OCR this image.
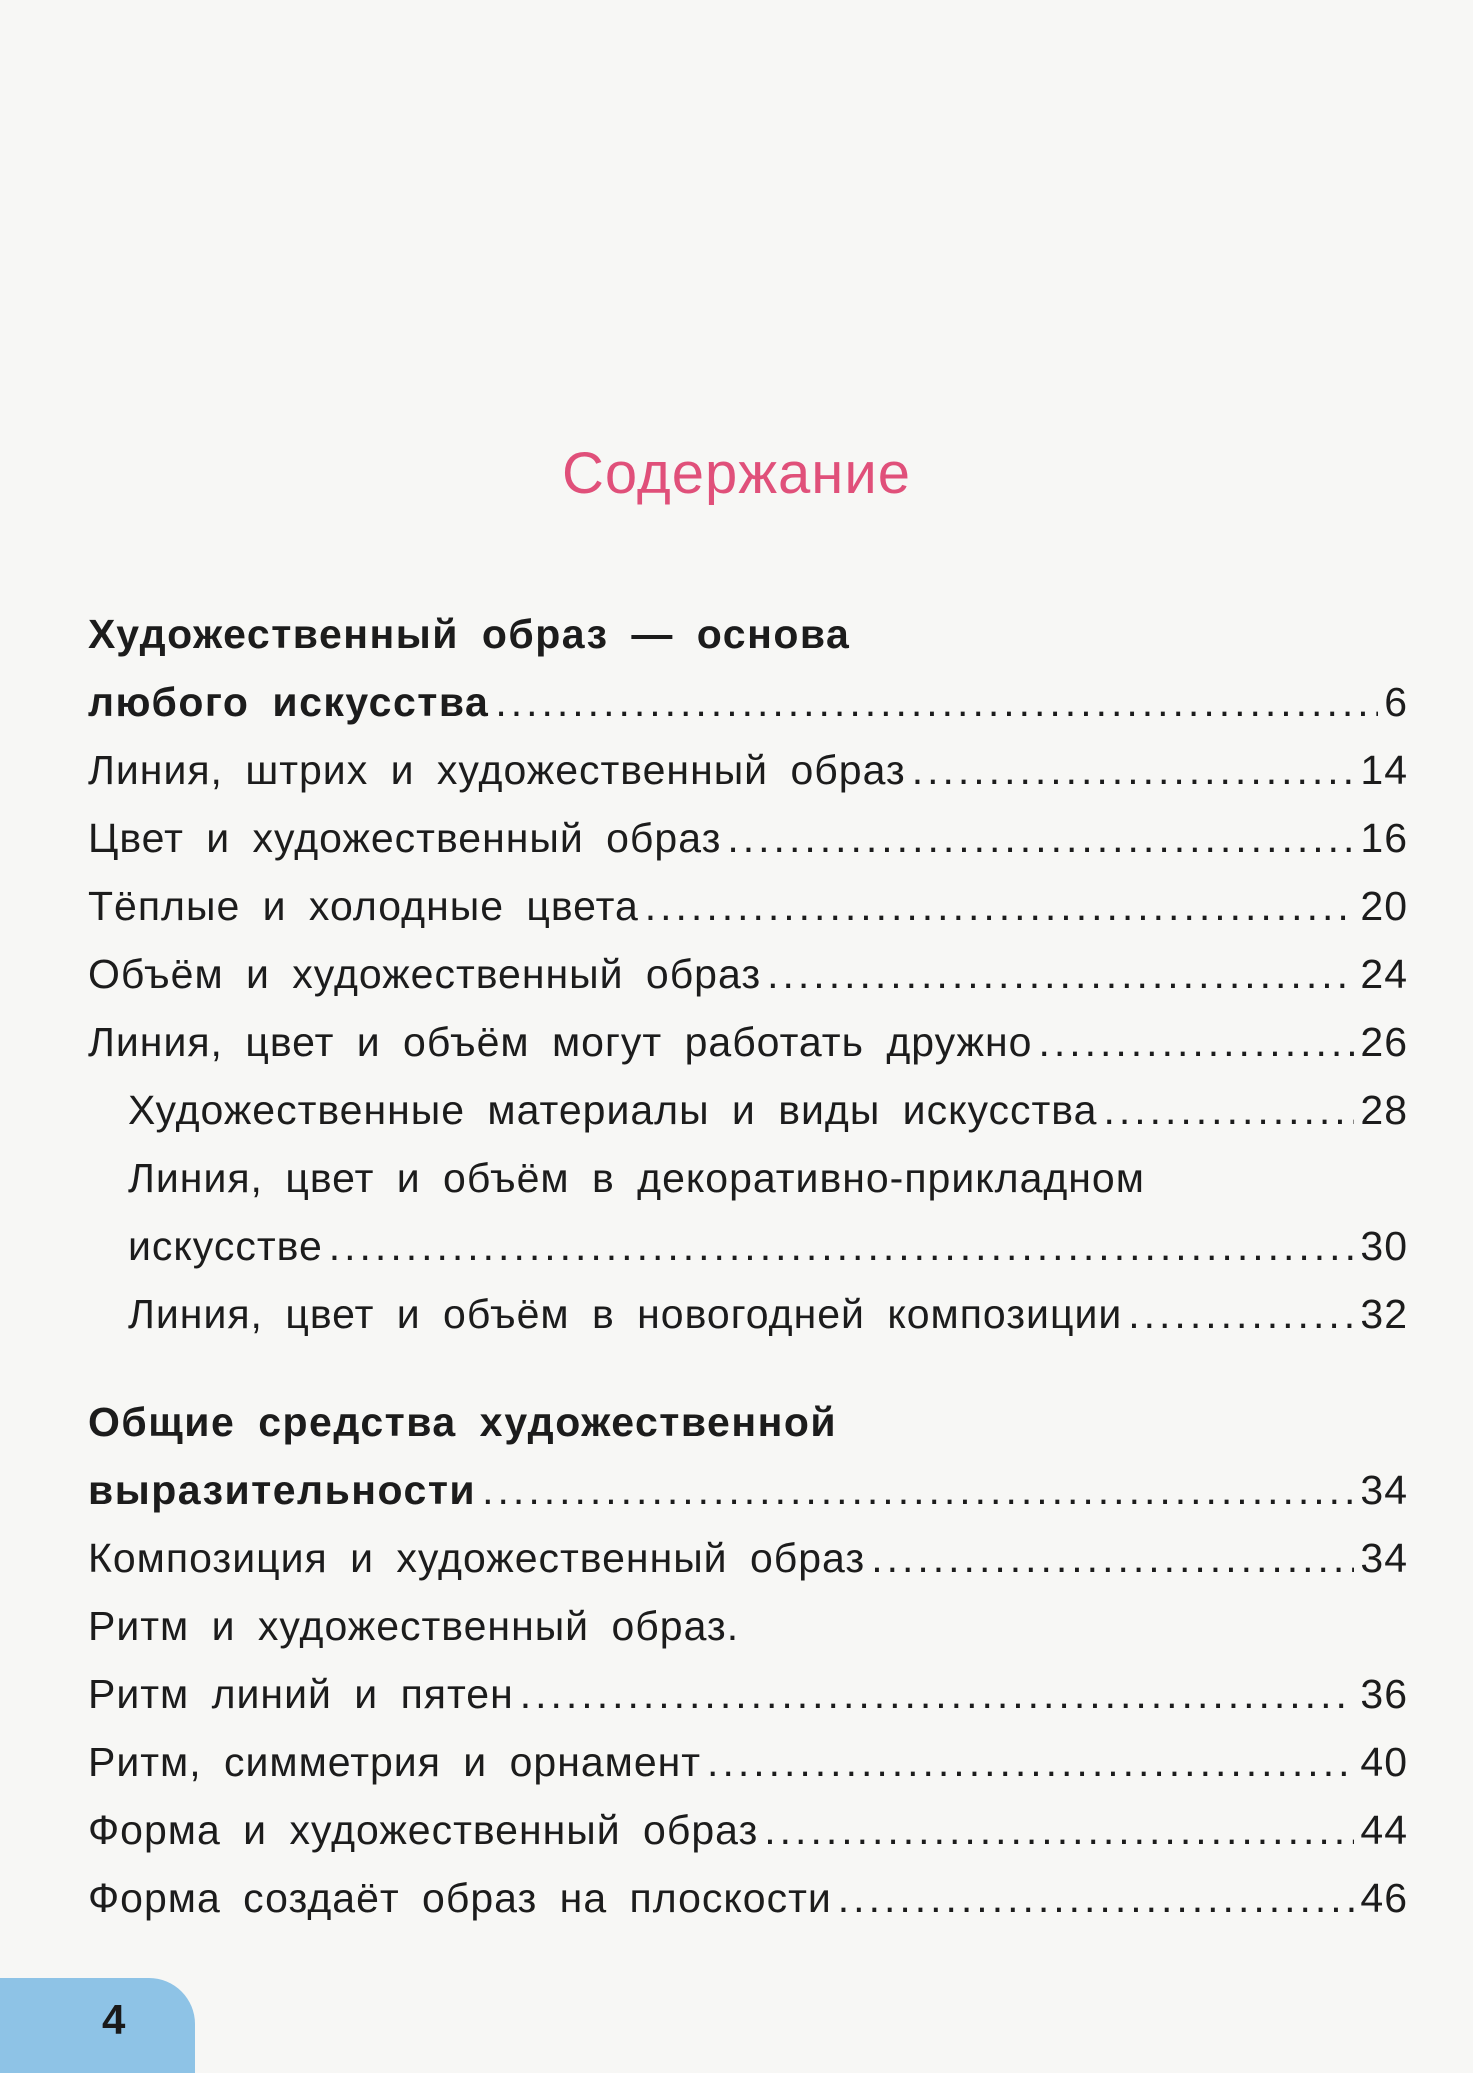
Содержание
Художественный образ — основа
любого искусства .....	6
Линия, штрих и художественный образ .....	14
Цвет и художественный образ .....	16
Тёплые и холодные цвета .....	20
Объём и художественный образ .....	24
Линия, цвет и объём могут работать дружно .....	26
Художественные материалы и виды искусства .....	28
Линия, цвет и объём в декоративно-прикладном
искусстве .....	30
Линия, цвет и объём в новогодней композиции .....	32
Общие средства художественной
выразительности .....	34
Композиция и художественный образ .....	34
Ритм и художественный образ.
Ритм линий и пятен .....	36
Ритм, симметрия и орнамент .....	40
Форма и художественный образ .....	44
Форма создаёт образ на плоскости .....	46
4
